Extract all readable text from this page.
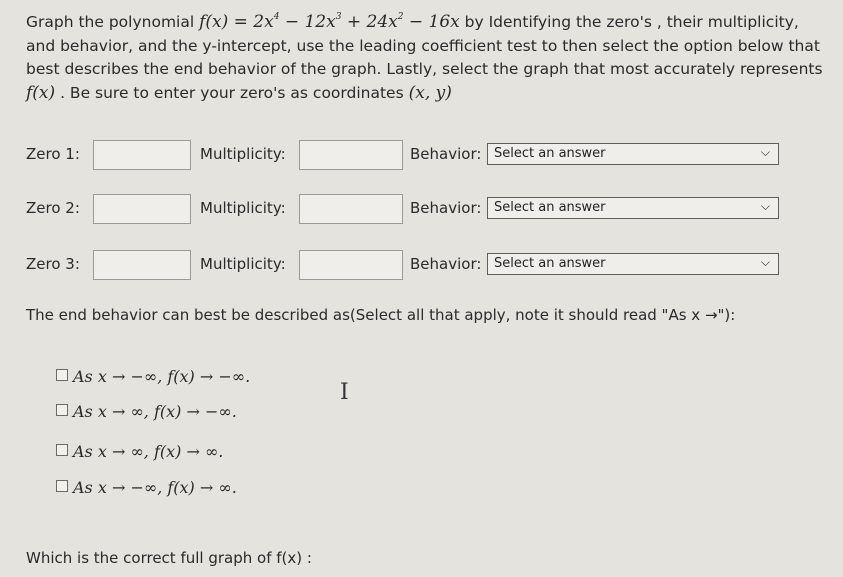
Graph the polynomial $f(x) = 2x^4 - 12x^3 + 24x^2 - 16x$ by Identifying the zero's , their multiplicity, and behavior, and the y-intercept, use the leading coefficient test to then select the option below that best describes the end behavior of the graph. Lastly, select the graph that most accurately represents f(x) . Be sure to enter your zero's as coordinates (x, y)
Zero 1:	Multiplicity:	Behavior: Select an answer	⌵
Zero 2:	Multiplicity:	Behavior: Select an answer	⌵
Zero 3:	Multiplicity:	Behavior: Select an answer	⌵
The end behavior can best be described as(Select all that apply, note it should read "As x →"):
As x → −∞, f(x) → −∞.
As x → ∞, f(x) → −∞.
As x → ∞, f(x) → ∞.
As x → −∞, f(x) → ∞.
I
Which is the correct full graph of f(x) :
